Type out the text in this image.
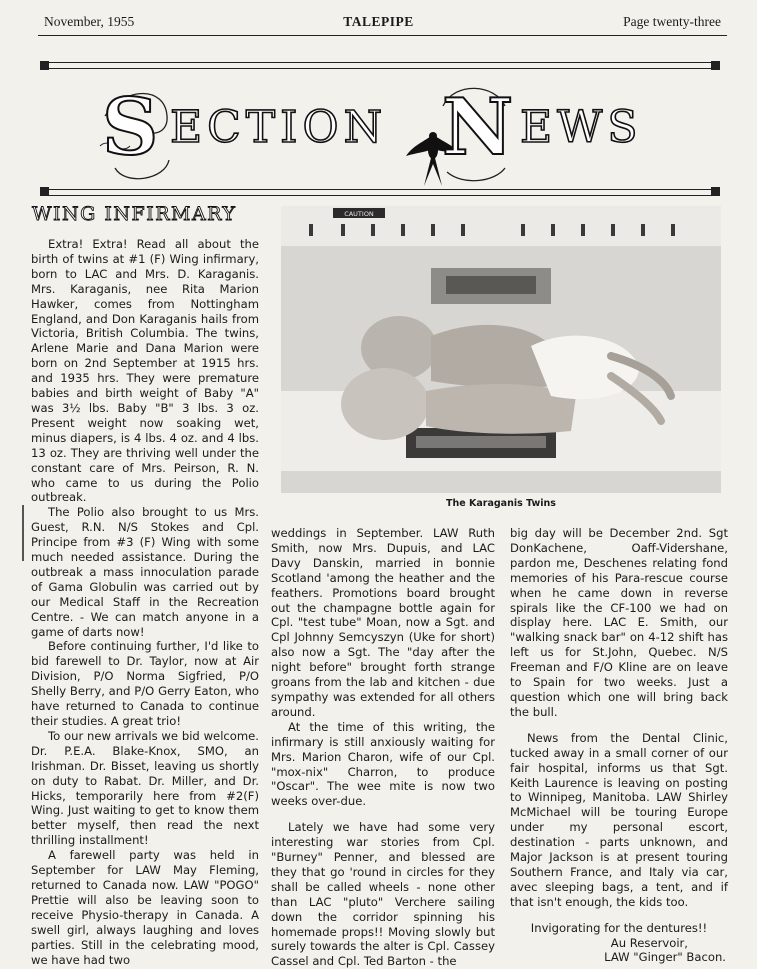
November, 1955	TALEPIPE	Page twenty-three
S ECTION N EWS
WING INFIRMARY

Extra! Extra! Read all about the birth of twins at #1 (F) Wing infirmary, born to LAC and Mrs. D. Karaganis. Mrs. Karaganis, nee Rita Marion Hawker, comes from Nottingham England, and Don Karaganis hails from Victoria, British Columbia. The twins, Arlene Marie and Dana Marion were born on 2nd September at 1915 hrs. and 1935 hrs. They were premature babies and birth weight of Baby "A" was 3½ lbs. Baby "B" 3 lbs. 3 oz. Present weight now soaking wet, minus diapers, is 4 lbs. 4 oz. and 4 lbs. 13 oz. They are thriving well under the constant care of Mrs. Peirson, R. N. who came to us during the Polio outbreak.

The Polio also brought to us Mrs. Guest, R.N. N/S Stokes and Cpl. Principe from #3 (F) Wing with some much needed assistance. During the outbreak a mass innoculation parade of Gama Globulin was carried out by our Medical Staff in the Recreation Centre. - We can match anyone in a game of darts now!

Before continuing further, I'd like to bid farewell to Dr. Taylor, now at Air Division, P/O Norma Sigfried, P/O Shelly Berry, and P/O Gerry Eaton, who have returned to Canada to continue their studies. A great trio!

To our new arrivals we bid welcome. Dr. P.E.A. Blake-Knox, SMO, an Irishman. Dr. Bisset, leaving us shortly on duty to Rabat. Dr. Miller, and Dr. Hicks, temporarily here from #2(F) Wing. Just waiting to get to know them better myself, then read the next thrilling installment!

A farewell party was held in September for LAW May Fleming, returned to Canada now. LAW "POGO" Prettie will also be leaving soon to receive Physio-therapy in Canada. A swell girl, always laughing and loves parties. Still in the celebrating mood, we have had two

CAUTION
The Karaganis Twins

weddings in September. LAW Ruth Smith, now Mrs. Dupuis, and LAC Davy Danskin, married in bonnie Scotland 'among the heather and the feathers. Promotions board brought out the champagne bottle again for Cpl. "test tube" Moan, now a Sgt. and Cpl Johnny Semcyszyn (Uke for short) also now a Sgt. The "day after the night before" brought forth strange groans from the lab and kitchen - due sympathy was extended for all others around.

At the time of this writing, the infirmary is still anxiously waiting for Mrs. Marion Charon, wife of our Cpl. "mox-nix" Charron, to produce "Oscar". The wee mite is now two weeks over-due.

Lately we have had some very interesting war stories from Cpl. "Burney" Penner, and blessed are they that go 'round in circles for they shall be called wheels - none other than LAC "pluto" Verchere sailing down the corridor spinning his homemade props!! Moving slowly but surely towards the alter is Cpl. Cassey Cassel and Cpl. Ted Barton - the

big day will be December 2nd. Sgt DonKachene, Oaff-Vidershane, pardon me, Deschenes relating fond memories of his Para-rescue course when he came down in reverse spirals like the CF-100 we had on display here. LAC E. Smith, our "walking snack bar" on 4-12 shift has left us for St.John, Quebec. N/S Freeman and F/O Kline are on leave to Spain for two weeks. Just a question which one will bring back the bull.

News from the Dental Clinic, tucked away in a small corner of our fair hospital, informs us that Sgt. Keith Laurence is leaving on posting to Winnipeg, Manitoba. LAW Shirley McMichael will be touring Europe under my personal escort, destination - parts unknown, and Major Jackson is at present touring Southern France, and Italy via car, avec sleeping bags, a tent, and if that isn't enough, the kids too.

Invigorating for the dentures!!

Au Reservoir,

LAW "Ginger" Bacon.
